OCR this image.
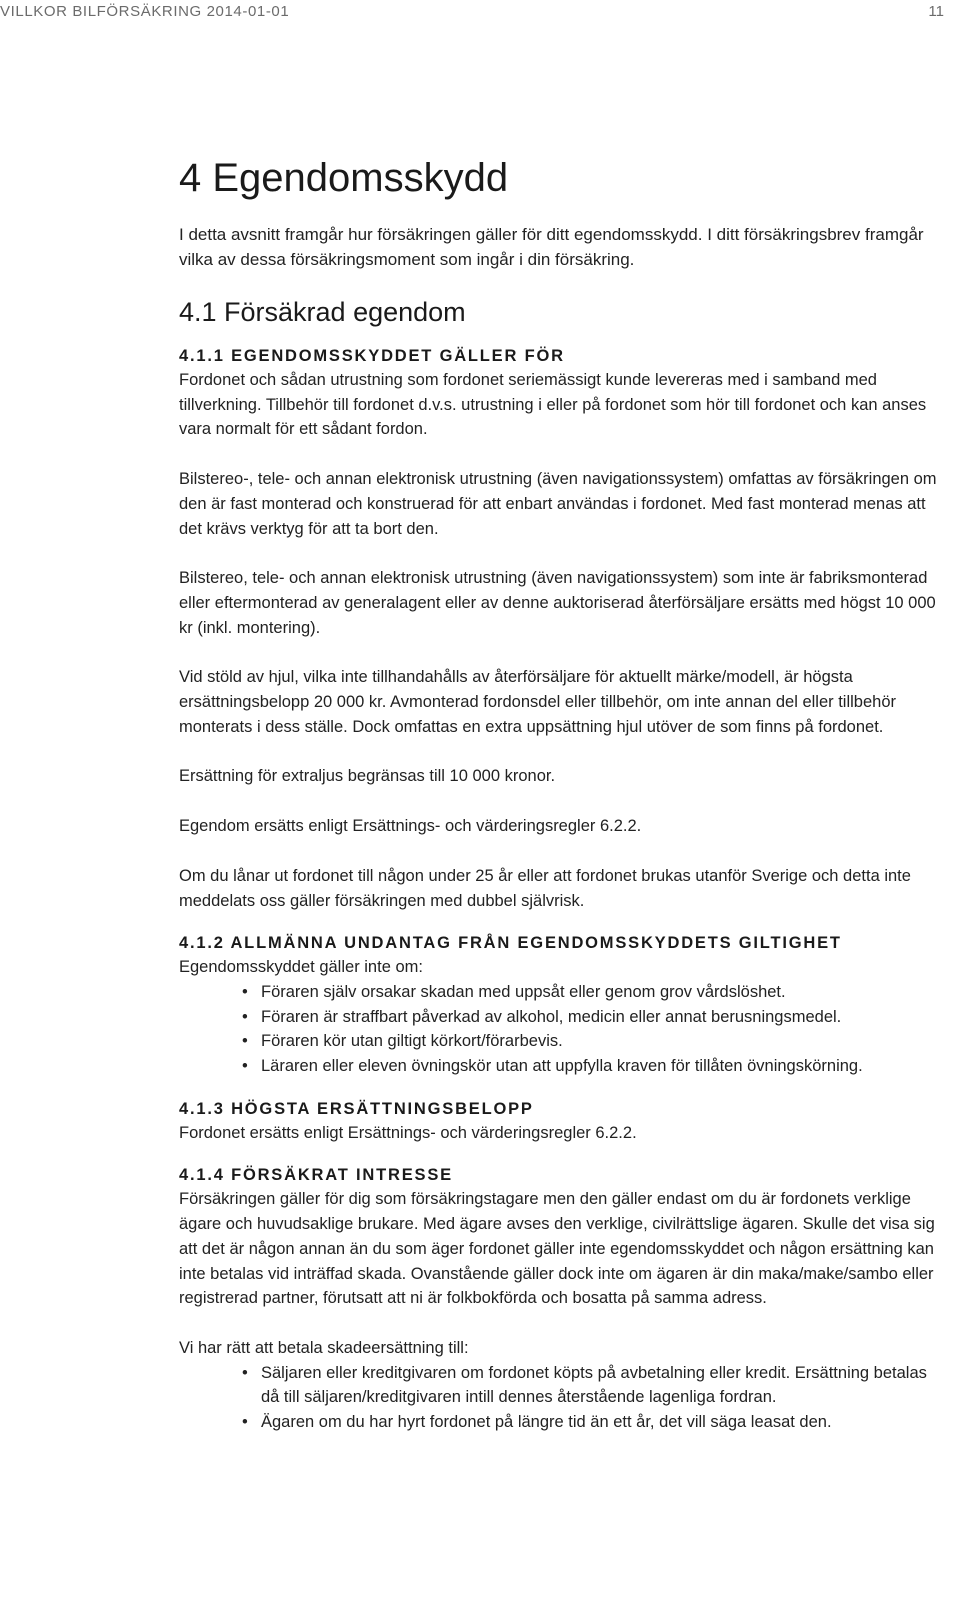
VILLKOR BILFÖRSÄKRING 2014-01-01	11
4 Egendomsskydd

I detta avsnitt framgår hur försäkringen gäller för ditt egendomsskydd. I ditt försäkringsbrev framgår vilka av dessa försäkringsmoment som ingår i din försäkring.

4.1 Försäkrad egendom
4.1.1 EGENDOMSSKYDDET GÄLLER FÖR

Fordonet och sådan utrustning som fordonet seriemässigt kunde levereras med i samband med tillverkning. Tillbehör till fordonet d.v.s. utrustning i eller på fordonet som hör till fordonet och kan anses vara normalt för ett sådant fordon.

Bilstereo-, tele- och annan elektronisk utrustning (även navigationssystem) omfattas av försäkringen om den är fast monterad och konstruerad för att enbart användas i fordonet. Med fast monterad menas att det krävs verktyg för att ta bort den.

Bilstereo, tele- och annan elektronisk utrustning (även navigationssystem) som inte är fabriksmonterad eller eftermonterad av generalagent eller av denne auktoriserad återförsäljare ersätts med högst 10 000 kr (inkl. montering).

Vid stöld av hjul, vilka inte tillhandahålls av återförsäljare för aktuellt märke/modell, är högsta ersättningsbelopp 20 000 kr. Avmonterad fordonsdel eller tillbehör, om inte annan del eller tillbehör monterats i dess ställe. Dock omfattas en extra uppsättning hjul utöver de som finns på fordonet.

Ersättning för extraljus begränsas till 10 000 kronor.

Egendom ersätts enligt Ersättnings- och värderingsregler 6.2.2.

Om du lånar ut fordonet till någon under 25 år eller att fordonet brukas utanför Sverige och detta inte meddelats oss gäller försäkringen med dubbel självrisk.

4.1.2 ALLMÄNNA UNDANTAG FRÅN EGENDOMSSKYDDETS GILTIGHET

Egendomsskyddet gäller inte om:

• Föraren själv orsakar skadan med uppsåt eller genom grov vårdslöshet.
• Föraren är straffbart påverkad av alkohol, medicin eller annat berusningsmedel.
• Föraren kör utan giltigt körkort/förarbevis.
• Läraren eller eleven övningskör utan att uppfylla kraven för tillåten övningskörning.
4.1.3 HÖGSTA ERSÄTTNINGSBELOPP

Fordonet ersätts enligt Ersättnings- och värderingsregler 6.2.2.

4.1.4 FÖRSÄKRAT INTRESSE

Försäkringen gäller för dig som försäkringstagare men den gäller endast om du är fordonets verklige ägare och huvudsaklige brukare. Med ägare avses den verklige, civilrättslige ägaren. Skulle det visa sig att det är någon annan än du som äger fordonet gäller inte egendomsskyddet och någon ersättning kan inte betalas vid inträffad skada. Ovanstående gäller dock inte om ägaren är din maka/make/sambo eller registrerad partner, förutsatt att ni är folkbokförda och bosatta på samma adress.

Vi har rätt att betala skadeersättning till:

• Säljaren eller kreditgivaren om fordonet köpts på avbetalning eller kredit. Ersättning betalas då till säljaren/kreditgivaren intill dennes återstående lagenliga fordran.
• Ägaren om du har hyrt fordonet på längre tid än ett år, det vill säga leasat den.
